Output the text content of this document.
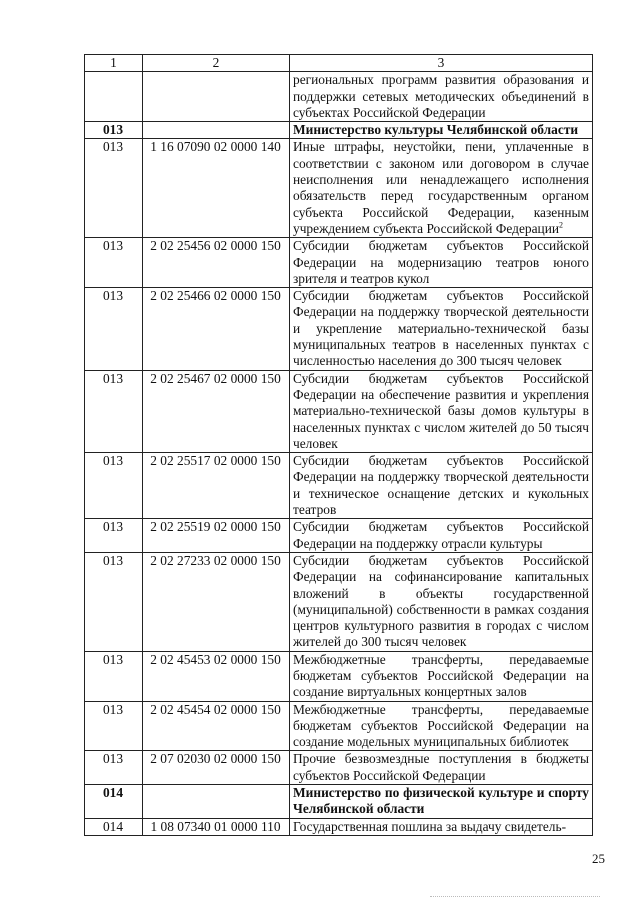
1	2	3
		региональных программ развития образования и поддержки сетевых методических объединений в субъектах Российской Федерации
013		Министерство культуры Челябинской области
013	1 16 07090 02 0000 140	Иные штрафы, неустойки, пени, уплаченные в соответствии с законом или договором в случае неисполнения или ненадлежащего исполнения обязательств перед государственным органом субъекта Российской Федерации, казенным учреждением субъекта Российской Федерации$^2$
013	2 02 25456 02 0000 150	Субсидии бюджетам субъектов Российской Федерации на модернизацию театров юного зрителя и театров кукол
013	2 02 25466 02 0000 150	Субсидии бюджетам субъектов Российской Федерации на поддержку творческой деятельности и укрепление материально-технической базы муниципальных театров в населенных пунктах с численностью населения до 300 тысяч человек
013	2 02 25467 02 0000 150	Субсидии бюджетам субъектов Российской Федерации на обеспечение развития и укрепления материально-технической базы домов культуры в населенных пунктах с числом жителей до 50 тысяч человек
013	2 02 25517 02 0000 150	Субсидии бюджетам субъектов Российской Федерации на поддержку творческой деятельности и техническое оснащение детских и кукольных театров
013	2 02 25519 02 0000 150	Субсидии бюджетам субъектов Российской Федерации на поддержку отрасли культуры
013	2 02 27233 02 0000 150	Субсидии бюджетам субъектов Российской Федерации на софинансирование капитальных вложений в объекты государственной (муниципальной) собственности в рамках создания центров культурного развития в городах с числом жителей до 300 тысяч человек
013	2 02 45453 02 0000 150	Межбюджетные трансферты, передаваемые бюджетам субъектов Российской Федерации на создание виртуальных концертных залов
013	2 02 45454 02 0000 150	Межбюджетные трансферты, передаваемые бюджетам субъектов Российской Федерации на создание модельных муниципальных библиотек
013	2 07 02030 02 0000 150	Прочие безвозмездные поступления в бюджеты субъектов Российской Федерации
014		Министерство по физической культуре и спорту Челябинской области
014	1 08 07340 01 0000 110	Государственная пошлина за выдачу свидетель-
25
